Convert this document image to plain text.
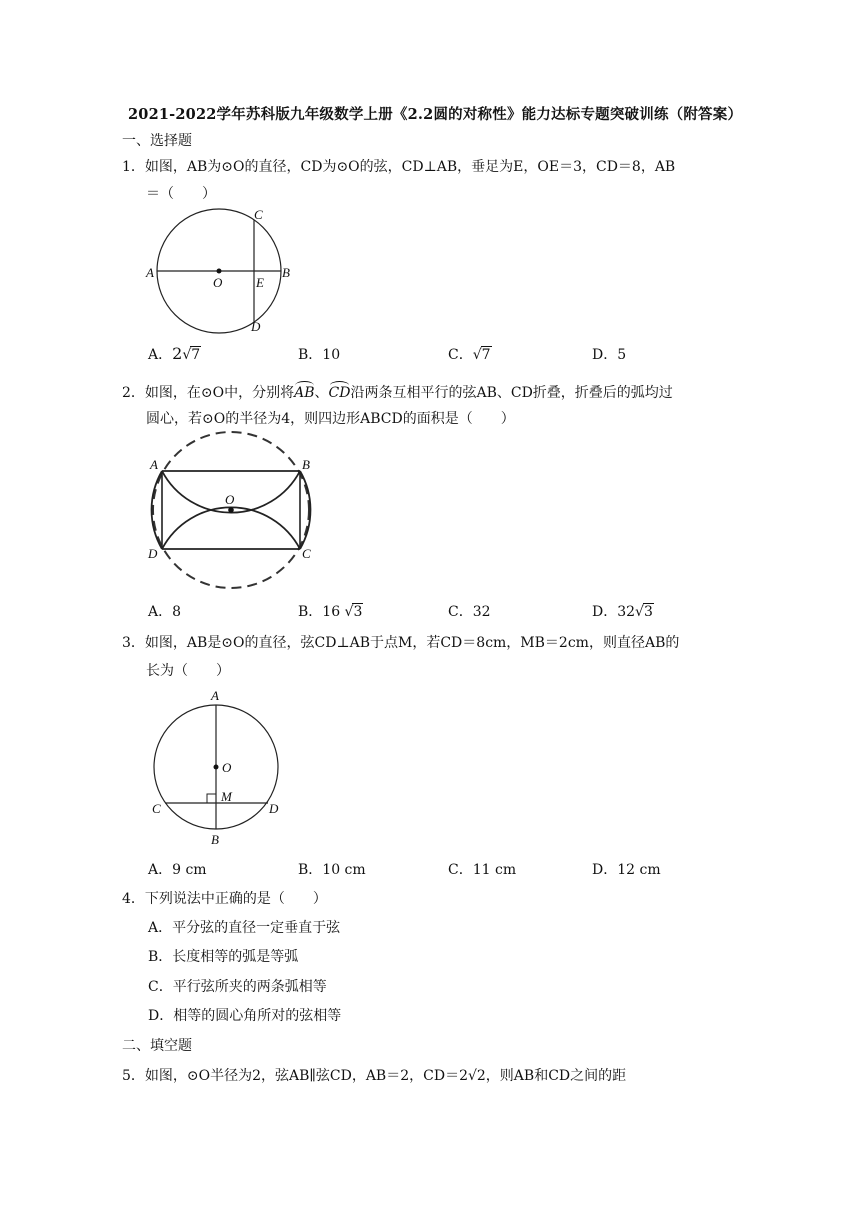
2021-2022学年苏科版九年级数学上册《2.2圆的对称性》能力达标专题突破训练（附答案）
一、选择题
1．如图，AB为⊙O的直径，CD为⊙O的弦，CD⊥AB，垂足为E，OE＝3，CD＝8，AB
＝（　　）
A	B
C
D
O	E
A．2√7	B．10	C．√7	D．5
2．如图，在⊙O中，分别将AB、CD沿两条互相平行的弦AB、CD折叠，折叠后的弧均过
圆心，若⊙O的半径为4，则四边形ABCD的面积是（　　）
A	B
C
D
O
A．8	B．16 √3	C．32	D．32√3
3．如图，AB是⊙O的直径，弦CD⊥AB于点M，若CD＝8cm，MB＝2cm，则直径AB的
长为（　　）
A
B
C	D
O
M
A．9 cm	B．10 cm	C．11 cm	D．12 cm
4．下列说法中正确的是（　　）
A．平分弦的直径一定垂直于弦
B．长度相等的弧是等弧
C．平行弦所夹的两条弧相等
D．相等的圆心角所对的弦相等
二、填空题
5．如图，⊙O半径为2，弦AB∥弦CD，AB＝2，CD＝2√2，则AB和CD之间的距
